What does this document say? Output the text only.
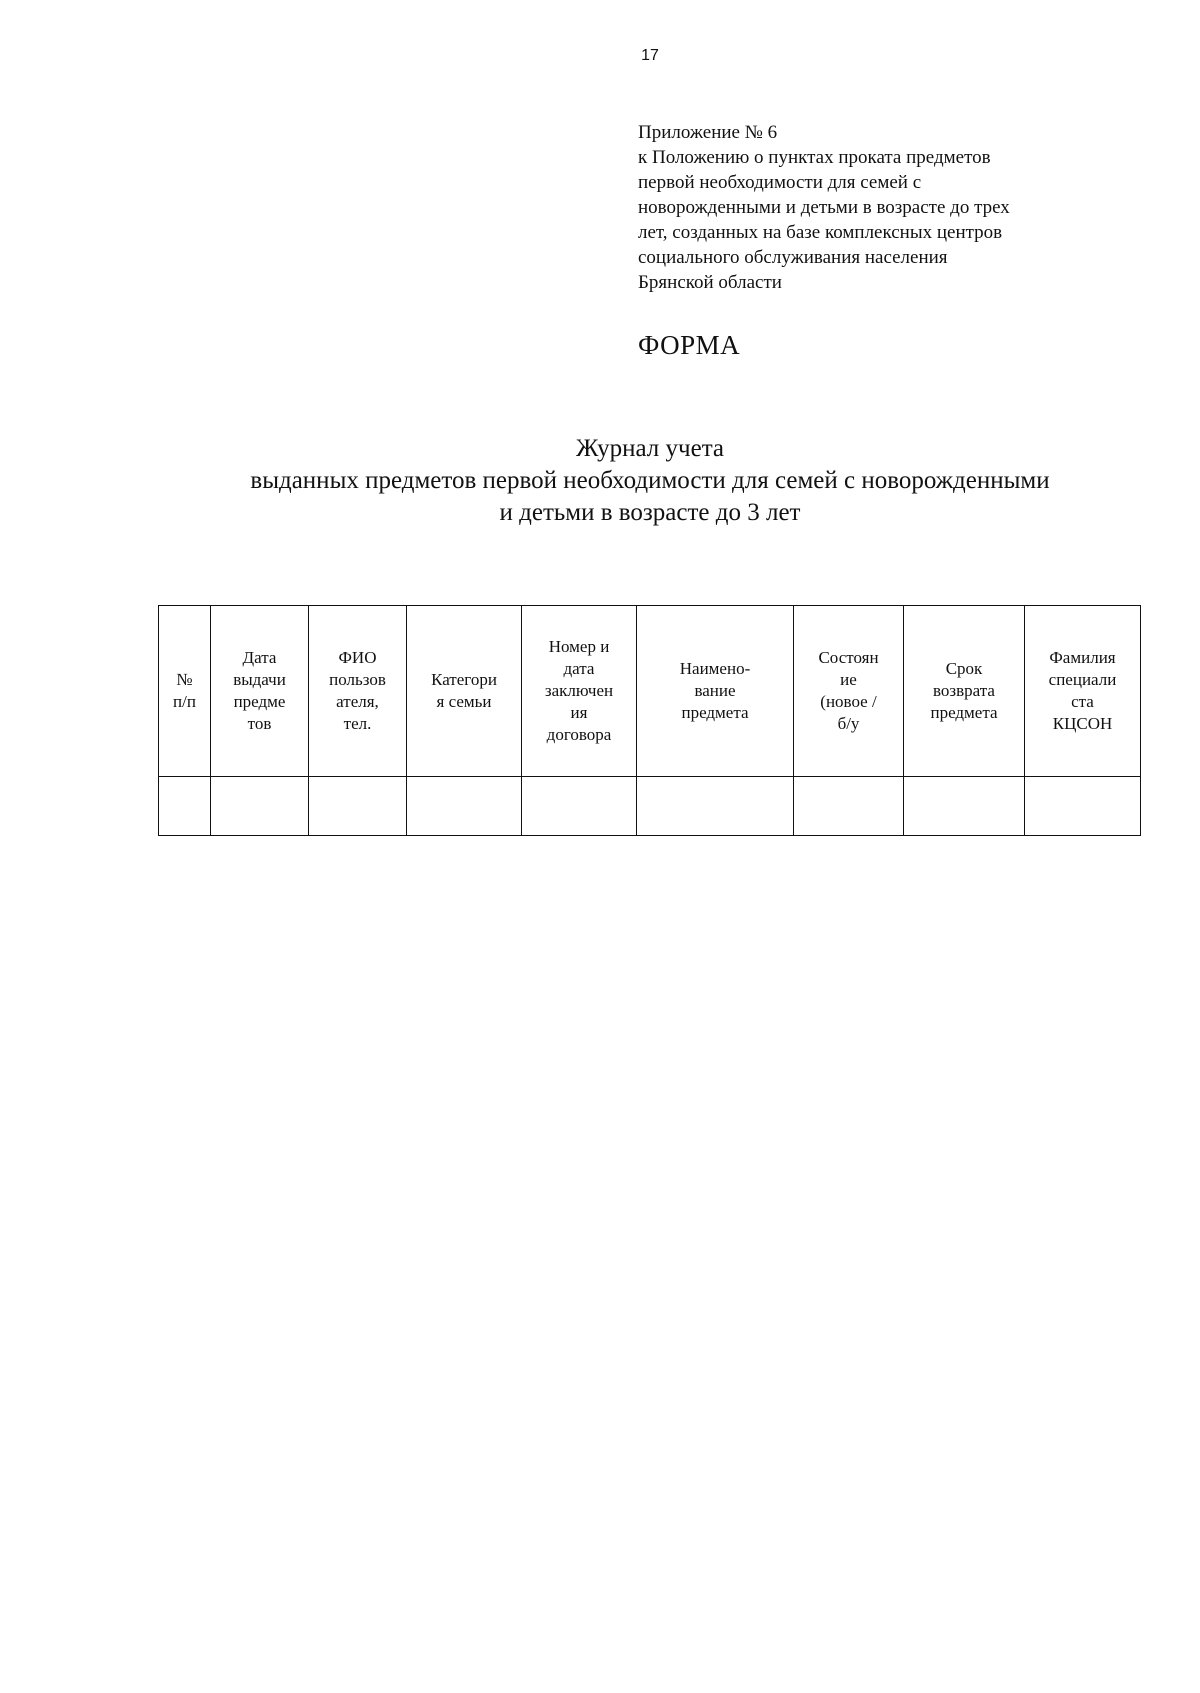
17
Приложение № 6
к Положению о пунктах проката предметов
первой необходимости для семей с
новорожденными и детьми в возрасте до трех
лет, созданных на базе комплексных центров
социального обслуживания населения
Брянской области
ФОРМА
Журнал учета
выданных предметов первой необходимости для семей с новорожденными
и детьми в возрасте до 3 лет
№
п/п	Дата
выдачи
предме
тов	ФИО
пользов
ателя,
тел.	Категори
я семьи	Номер и
дата
заключен
ия
договора	Наимено-
вание
предмета	Состоян
ие
(новое /
б/у	Срок
возврата
предмета	Фамилия
специали
ста
КЦСОН
